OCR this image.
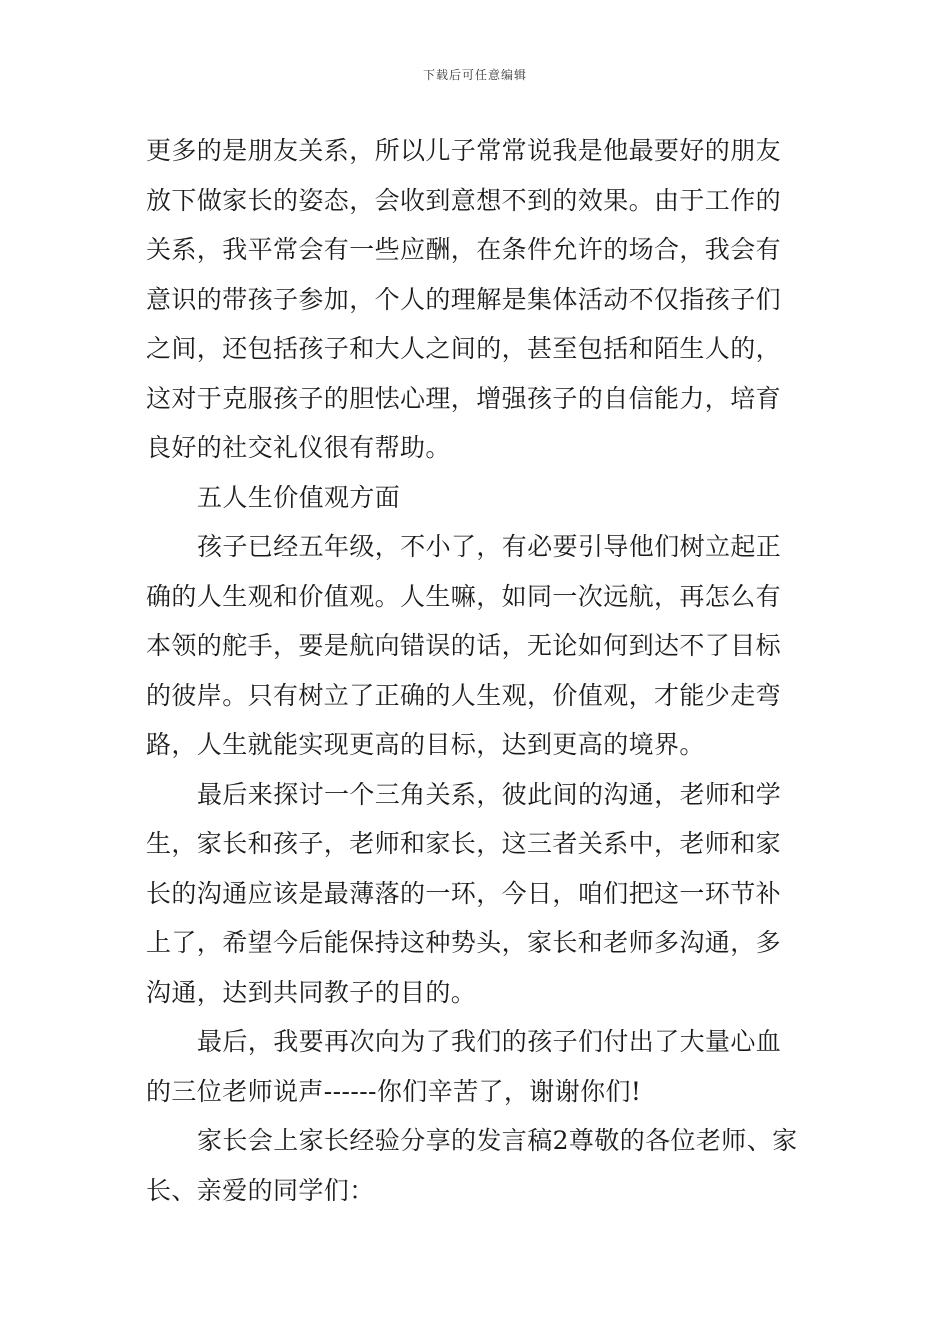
下载后可任意编辑
更多的是朋友关系，所以儿子常常说我是他最要好的朋友
放下做家长的姿态，会收到意想不到的效果。由于工作的
关系，我平常会有一些应酬，在条件允许的场合，我会有
意识的带孩子参加，个人的理解是集体活动不仅指孩子们
之间，还包括孩子和大人之间的，甚至包括和陌生人的，
这对于克服孩子的胆怯心理，增强孩子的自信能力，培育
良好的社交礼仪很有帮助。
五人生价值观方面
孩子已经五年级，不小了，有必要引导他们树立起正
确的人生观和价值观。人生嘛，如同一次远航，再怎么有
本领的舵手，要是航向错误的话，无论如何到达不了目标
的彼岸。只有树立了正确的人生观，价值观，才能少走弯
路，人生就能实现更高的目标，达到更高的境界。
最后来探讨一个三角关系，彼此间的沟通，老师和学
生，家长和孩子，老师和家长，这三者关系中，老师和家
长的沟通应该是最薄落的一环，今日，咱们把这一环节补
上了，希望今后能保持这种势头，家长和老师多沟通，多
沟通，达到共同教子的目的。
最后，我要再次向为了我们的孩子们付出了大量心血
的三位老师说声------你们辛苦了，谢谢你们!
家长会上家长经验分享的发言稿2尊敬的各位老师、家
长、亲爱的同学们：
